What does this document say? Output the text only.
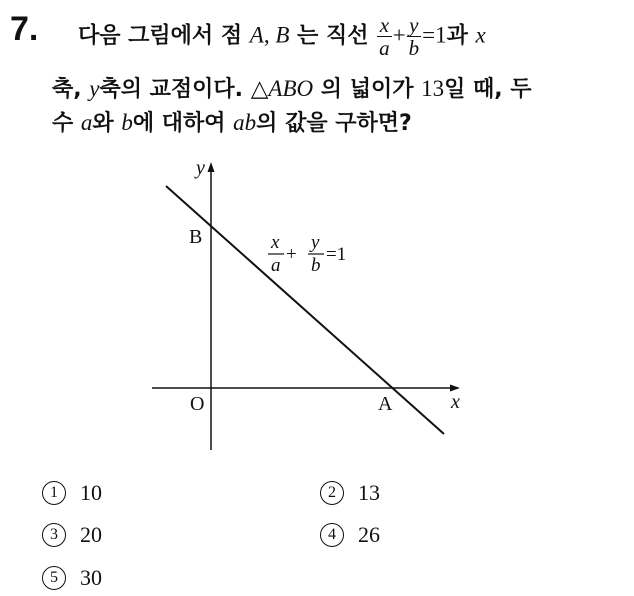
7. 다음 그림에서 점 A, B 는 직선 $\frac{x}{a} + \frac{y}{b} =1$과 x
축, y축의 교점이다. △ABO 의 넓이가 13일 때, 두
수 a와 b에 대하여 ab의 값을 구하면?
y
x
O	A
B	x
a
+
y
b
=1
1 10	2 13
3 20	4 26
5 30
